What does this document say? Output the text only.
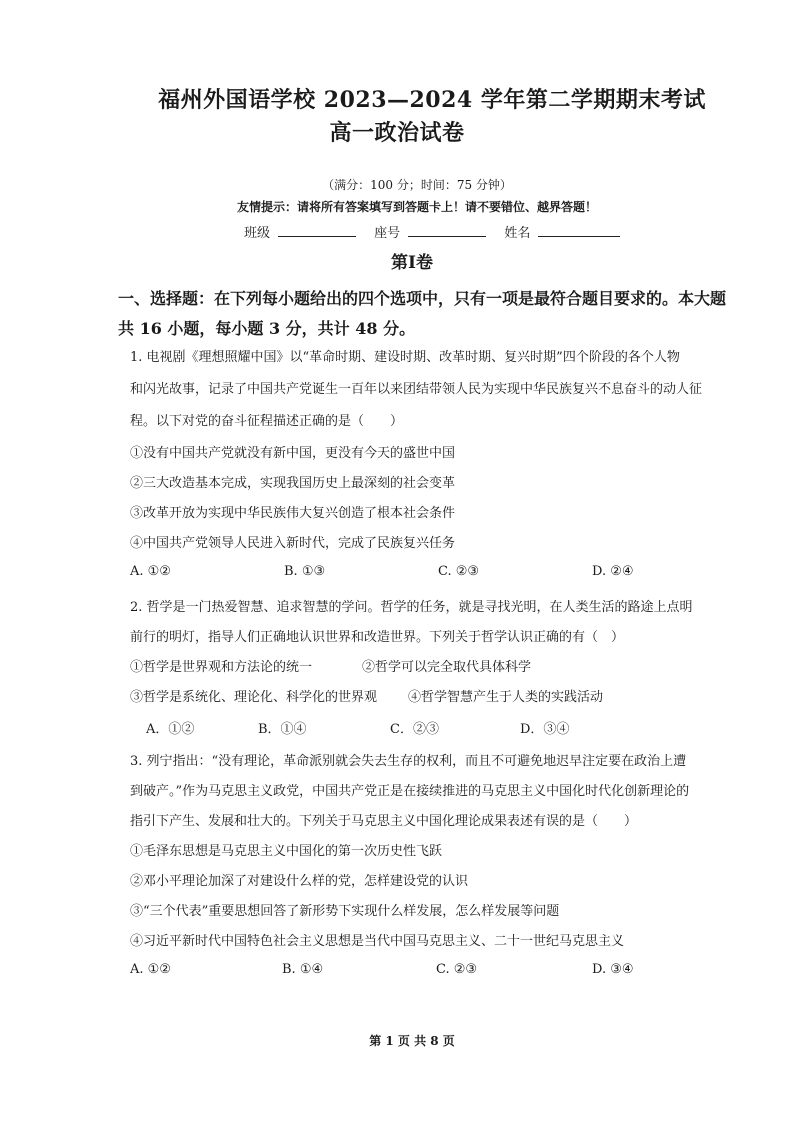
福州外国语学校 2023—2024 学年第二学期期末考试
高一政治试卷
（满分：100 分；时间：75 分钟）
友情提示：请将所有答案填写到答题卡上！请不要错位、越界答题！
班级	座号	姓名
第I卷
一、选择题：在下列每小题给出的四个选项中，只有一项是最符合题目要求的。本大题
共 16 小题，每小题 3 分，共计 48 分。
1. 电视剧《理想照耀中国》以“革命时期、建设时期、改革时期、复兴时期”四个阶段的各个人物
和闪光故事，记录了中国共产党诞生一百年以来团结带领人民为实现中华民族复兴不息奋斗的动人征
程。以下对党的奋斗征程描述正确的是（　　）
①没有中国共产党就没有新中国，更没有今天的盛世中国
②三大改造基本完成，实现我国历史上最深刻的社会变革
③改革开放为实现中华民族伟大复兴创造了根本社会条件
④中国共产党领导人民进入新时代，完成了民族复兴任务
A. ①②	B. ①③	C. ②③	D. ②④
2. 哲学是一门热爱智慧、追求智慧的学问。哲学的任务，就是寻找光明，在人类生活的路途上点明
前行的明灯，指导人们正确地认识世界和改造世界。下列关于哲学认识正确的有（　）
①哲学是世界观和方法论的统一	②哲学可以完全取代具体科学
③哲学是系统化、理论化、科学化的世界观 ④哲学智慧产生于人类的实践活动
A．①②	B．①④	C．②③	D．③④
3. 列宁指出：“没有理论，革命派别就会失去生存的权利，而且不可避免地迟早注定要在政治上遭
到破产。”作为马克思主义政党，中国共产党正是在接续推进的马克思主义中国化时代化创新理论的
指引下产生、发展和壮大的。下列关于马克思主义中国化理论成果表述有误的是（　　）
①毛泽东思想是马克思主义中国化的第一次历史性飞跃
②邓小平理论加深了对建设什么样的党，怎样建设党的认识
③“三个代表”重要思想回答了新形势下实现什么样发展，怎么样发展等问题
④习近平新时代中国特色社会主义思想是当代中国马克思主义、二十一世纪马克思主义
A. ①②	B. ①④	C. ②③	D. ③④
第 1 页 共 8 页
